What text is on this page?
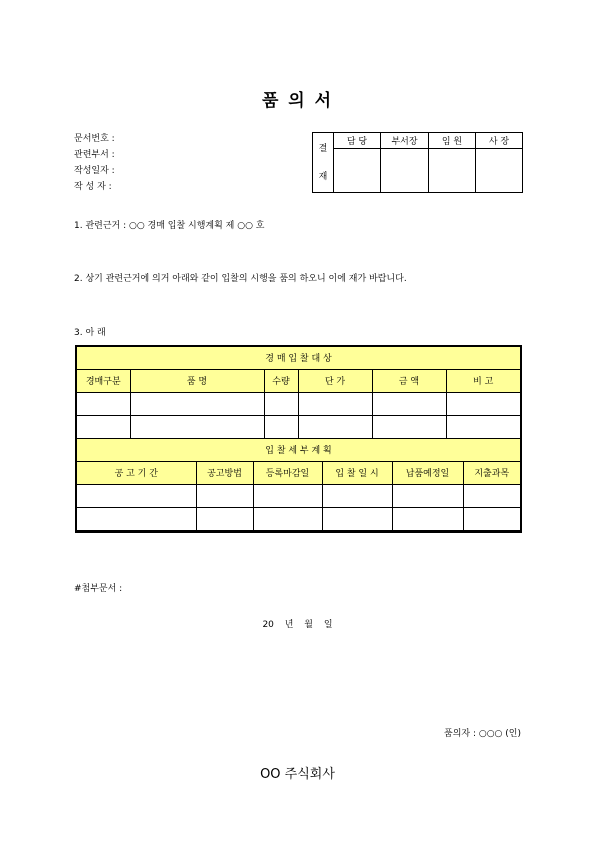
품 의 서
문서번호 :
관련부서 :
작성일자 :
작 성 자 :
결
재	담 당	부서장	임 원	사 장

1. 관련근거 : ○○ 경매 입찰 시행계획 제 ○○ 호
2. 상기 관련근거에 의거 아래와 같이 입찰의 시행을 품의 하오니 이에 재가 바랍니다.
3. 아 래
경 매 입 찰 대 상										
경매구분	품 명			수량	단 가		금 액		비 고	

입 찰 세 부 계 획										
공 고 기 간		공고방법	등록마감일			입 찰 일 시		납품예정일		지출과목

#첨부문서 :
20 년 월 일
품의자 : ○○○ (인)
OO 주식회사
